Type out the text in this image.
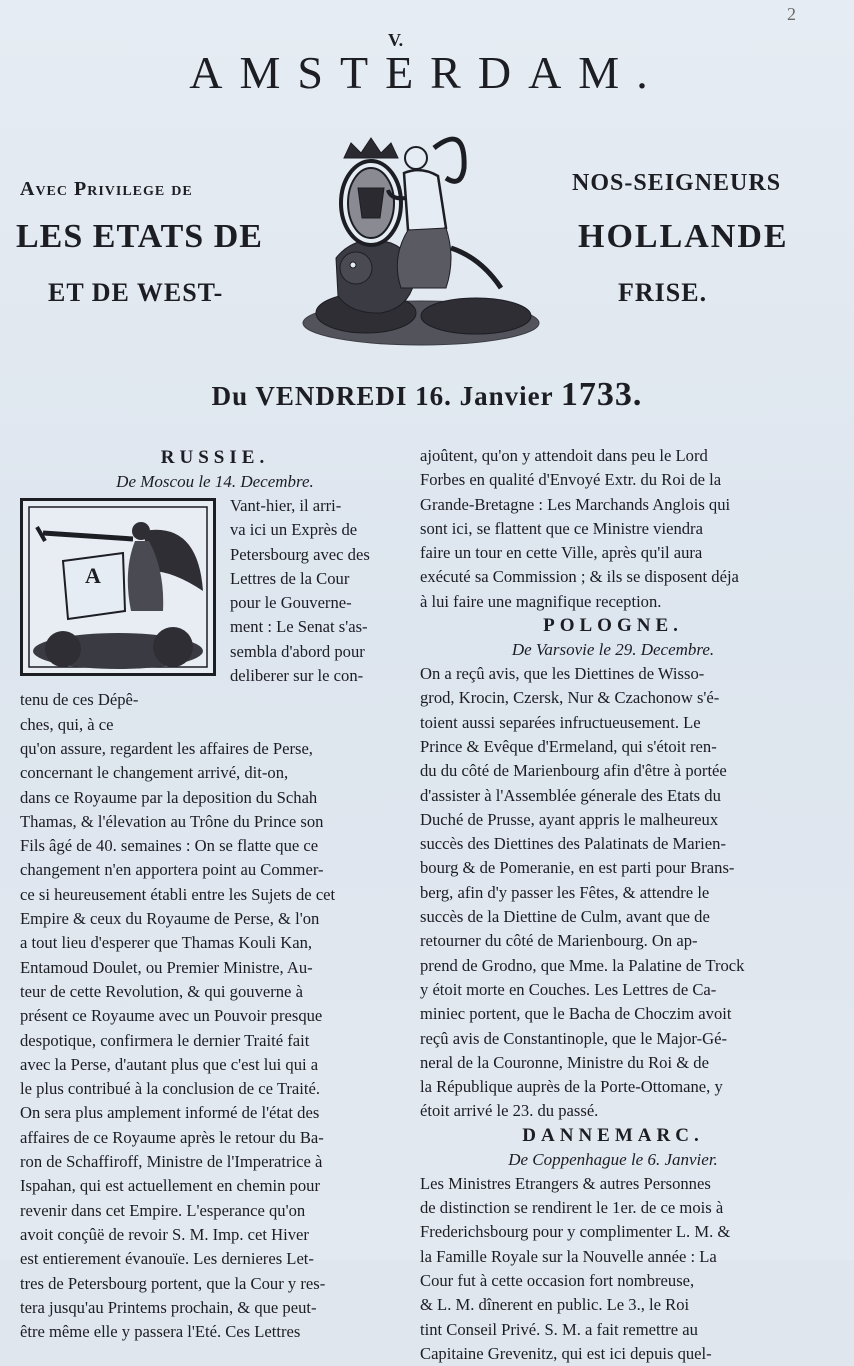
2
V.
AMSTERDAM.
Avec Privilege de
LES ETATS DE
ET DE WEST-
NOS-SEIGNEURS
HOLLANDE
FRISE.
Du VENDREDI 16. Janvier 1733.

RUSSIE.

De Moscou le 14. Decembre.

A
Vant-hier, il arri-
va ici un Exprès de
Petersbourg avec des
Lettres de la Cour
pour le Gouverne-
ment : Le Senat s'as-
sembla d'abord pour
deliberer sur le con-
tenu de ces Dépê-
ches, qui, à ce
qu'on assure, regardent les affaires de Perse,
concernant le changement arrivé, dit-on,
dans ce Royaume par la deposition du Schah
Thamas, & l'élevation au Trône du Prince son
Fils âgé de 40. semaines : On se flatte que ce
changement n'en apportera point au Commer-
ce si heureusement établi entre les Sujets de cet
Empire & ceux du Royaume de Perse, & l'on
a tout lieu d'esperer que Thamas Kouli Kan,
Entamoud Doulet, ou Premier Ministre, Au-
teur de cette Revolution, & qui gouverne à
présent ce Royaume avec un Pouvoir presque
despotique, confirmera le dernier Traité fait
avec la Perse, d'autant plus que c'est lui qui a
le plus contribué à la conclusion de ce Traité.
On sera plus amplement informé de l'état des
affaires de ce Royaume après le retour du Ba-
ron de Schaffiroff, Ministre de l'Imperatrice à
Ispahan, qui est actuellement en chemin pour
revenir dans cet Empire. L'esperance qu'on
avoit conçûë de revoir S. M. Imp. cet Hiver
est entierement évanouïe. Les dernieres Let-
tres de Petersbourg portent, que la Cour y res-
tera jusqu'au Printems prochain, & que peut-
être même elle y passera l'Eté. Ces Lettres
ajoûtent, qu'on y attendoit dans peu le Lord
Forbes en qualité d'Envoyé Extr. du Roi de la
Grande-Bretagne : Les Marchands Anglois qui
sont ici, se flattent que ce Ministre viendra
faire un tour en cette Ville, après qu'il aura
exécuté sa Commission ; & ils se disposent déja
à lui faire une magnifique reception.

POLOGNE.

De Varsovie le 29. Decembre.

On a reçû avis, que les Diettines de Wisso-
grod, Krocin, Czersk, Nur & Czachonow s'é-
toient aussi separées infructueusement. Le
Prince & Evêque d'Ermeland, qui s'étoit ren-
du du côté de Marienbourg afin d'être à portée
d'assister à l'Assemblée génerale des Etats du
Duché de Prusse, ayant appris le malheureux
succès des Diettines des Palatinats de Marien-
bourg & de Pomeranie, en est parti pour Brans-
berg, afin d'y passer les Fêtes, & attendre le
succès de la Diettine de Culm, avant que de
retourner du côté de Marienbourg. On ap-
prend de Grodno, que Mme. la Palatine de Trock
y étoit morte en Couches. Les Lettres de Ca-
miniec portent, que le Bacha de Choczim avoit
reçû avis de Constantinople, que le Major-Gé-
neral de la Couronne, Ministre du Roi & de
la République auprès de la Porte-Ottomane, y
étoit arrivé le 23. du passé.

DANNEMARC.

De Coppenhague le 6. Janvier.

Les Ministres Etrangers & autres Personnes
de distinction se rendirent le 1er. de ce mois à
Frederichsbourg pour y complimenter L. M. &
la Famille Royale sur la Nouvelle année : La
Cour fut à cette occasion fort nombreuse,
& L. M. dînerent en public. Le 3., le Roi
tint Conseil Privé. S. M. a fait remettre au
Capitaine Grevenitz, qui est ici depuis quel-
